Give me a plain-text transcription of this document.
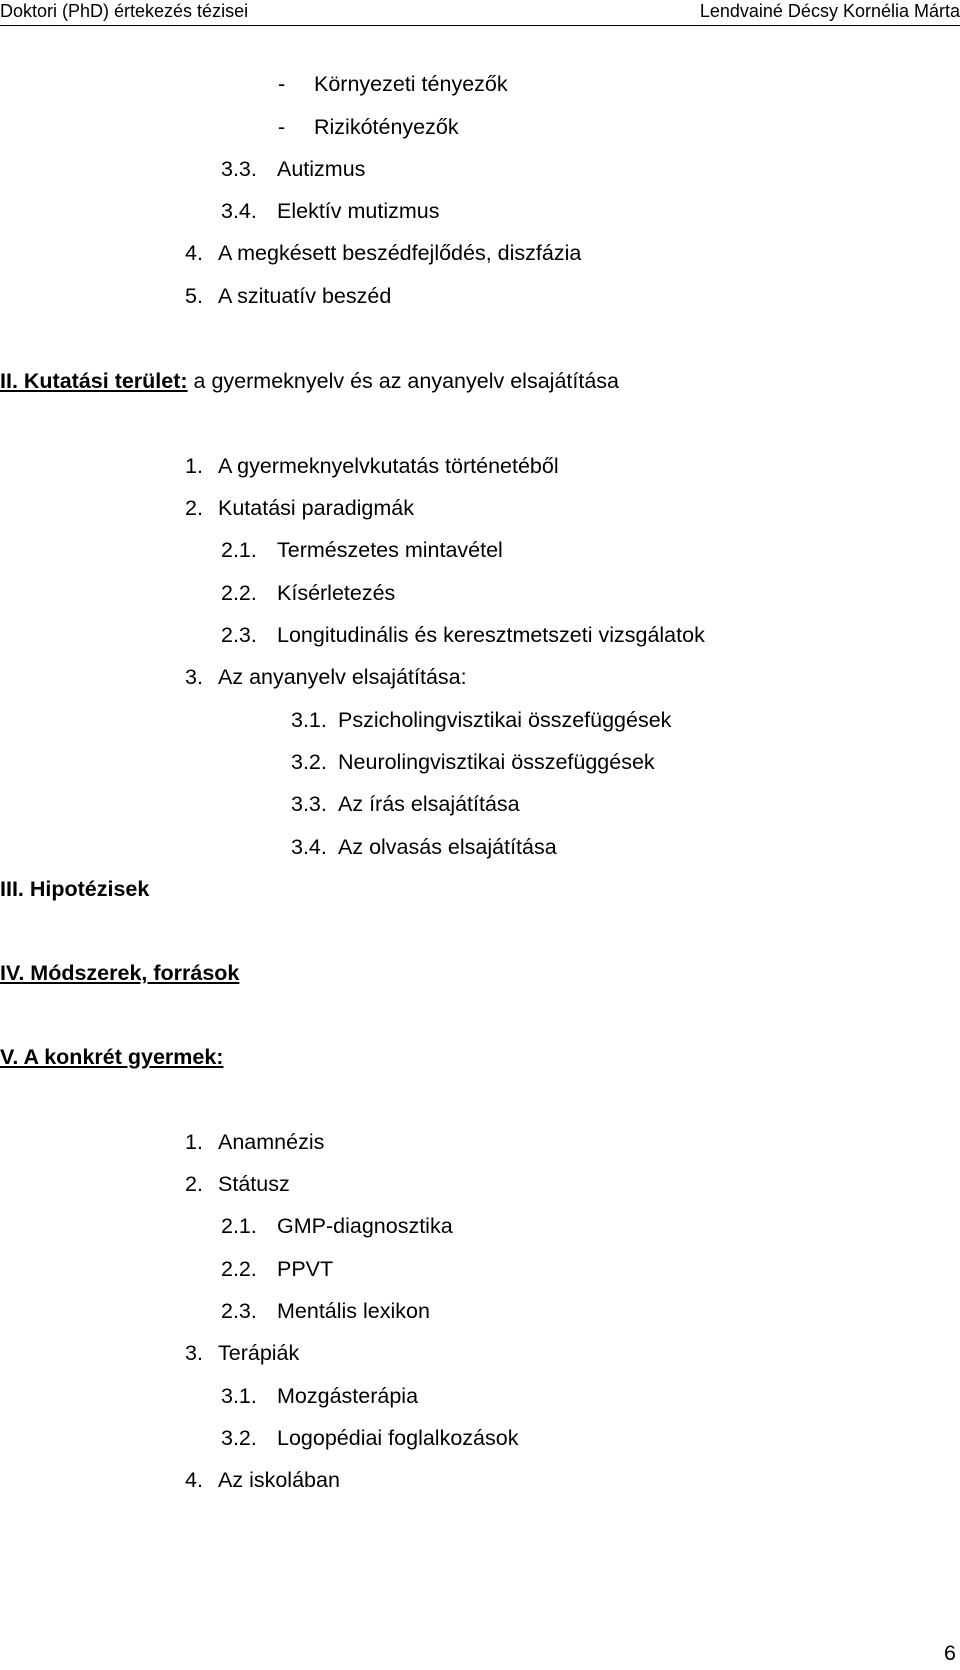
Doktori (PhD) értekezés tézisei	Lendvainé Décsy Kornélia Márta
- Környezeti tényezők
- Rizikótényezők
3.3. Autizmus
3.4. Elektív mutizmus
4. A megkésett beszédfejlődés, diszfázia
5. A szituatív beszéd
II. Kutatási terület: a gyermeknyelv és az anyanyelv elsajátítása
1. A gyermeknyelvkutatás történetéből
2. Kutatási paradigmák
2.1. Természetes mintavétel
2.2. Kísérletezés
2.3. Longitudinális és keresztmetszeti vizsgálatok
3. Az anyanyelv elsajátítása:
3.1. Pszicholingvisztikai összefüggések
3.2. Neurolingvisztikai összefüggések
3.3. Az írás elsajátítása
3.4. Az olvasás elsajátítása
III. Hipotézisek
IV. Módszerek, források
V. A konkrét gyermek:
1. Anamnézis
2. Státusz
2.1. GMP-diagnosztika
2.2. PPVT
2.3. Mentális lexikon
3. Terápiák
3.1. Mozgásterápia
3.2. Logopédiai foglalkozások
4. Az iskolában
6
